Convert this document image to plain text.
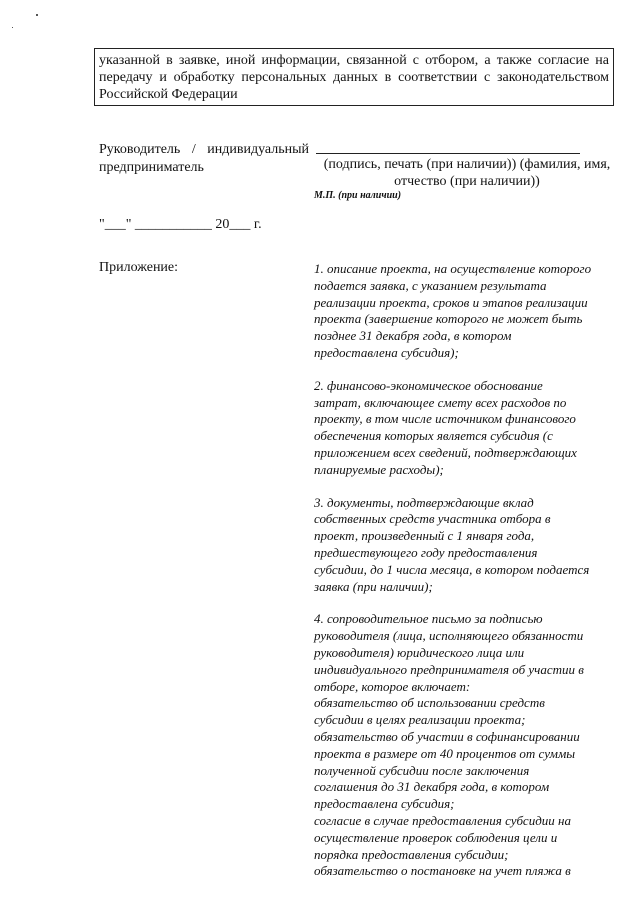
указанной в заявке, иной информации, связанной с отбором, а также согласие на
передачу и обработку персональных данных в соответствии с законодательством
Российской Федерации
Руководитель / индивидуальный
предприниматель	(подпись, печать (при наличии)) (фамилия, имя,
отчество (при наличии))
М.П. (при наличии)
"___" ___________ 20___ г.
Приложение:	1. описание проекта, на осуществление которого
подается заявка, с указанием результата
реализации проекта, сроков и этапов реализации
проекта (завершение которого не может быть
позднее 31 декабря года, в котором
предоставлена субсидия);
2. финансово-экономическое обоснование
затрат, включающее смету всех расходов по
проекту, в том числе источником финансового
обеспечения которых является субсидия (с
приложением всех сведений, подтверждающих
планируемые расходы);
3. документы, подтверждающие вклад
собственных средств участника отбора в
проект, произведенный с 1 января года,
предшествующего году предоставления
субсидии, до 1 числа месяца, в котором подается
заявка (при наличии);
4. сопроводительное письмо за подписью
руководителя (лица, исполняющего обязанности
руководителя) юридического лица или
индивидуального предпринимателя об участии в
отборе, которое включает:
обязательство об использовании средств
субсидии в целях реализации проекта;
обязательство об участии в софинансировании
проекта в размере от 40 процентов от суммы
полученной субсидии после заключения
соглашения до 31 декабря года, в котором
предоставлена субсидия;
согласие в случае предоставления субсидии на
осуществление проверок соблюдения цели и
порядка предоставления субсидии;
обязательство о постановке на учет пляжа в
